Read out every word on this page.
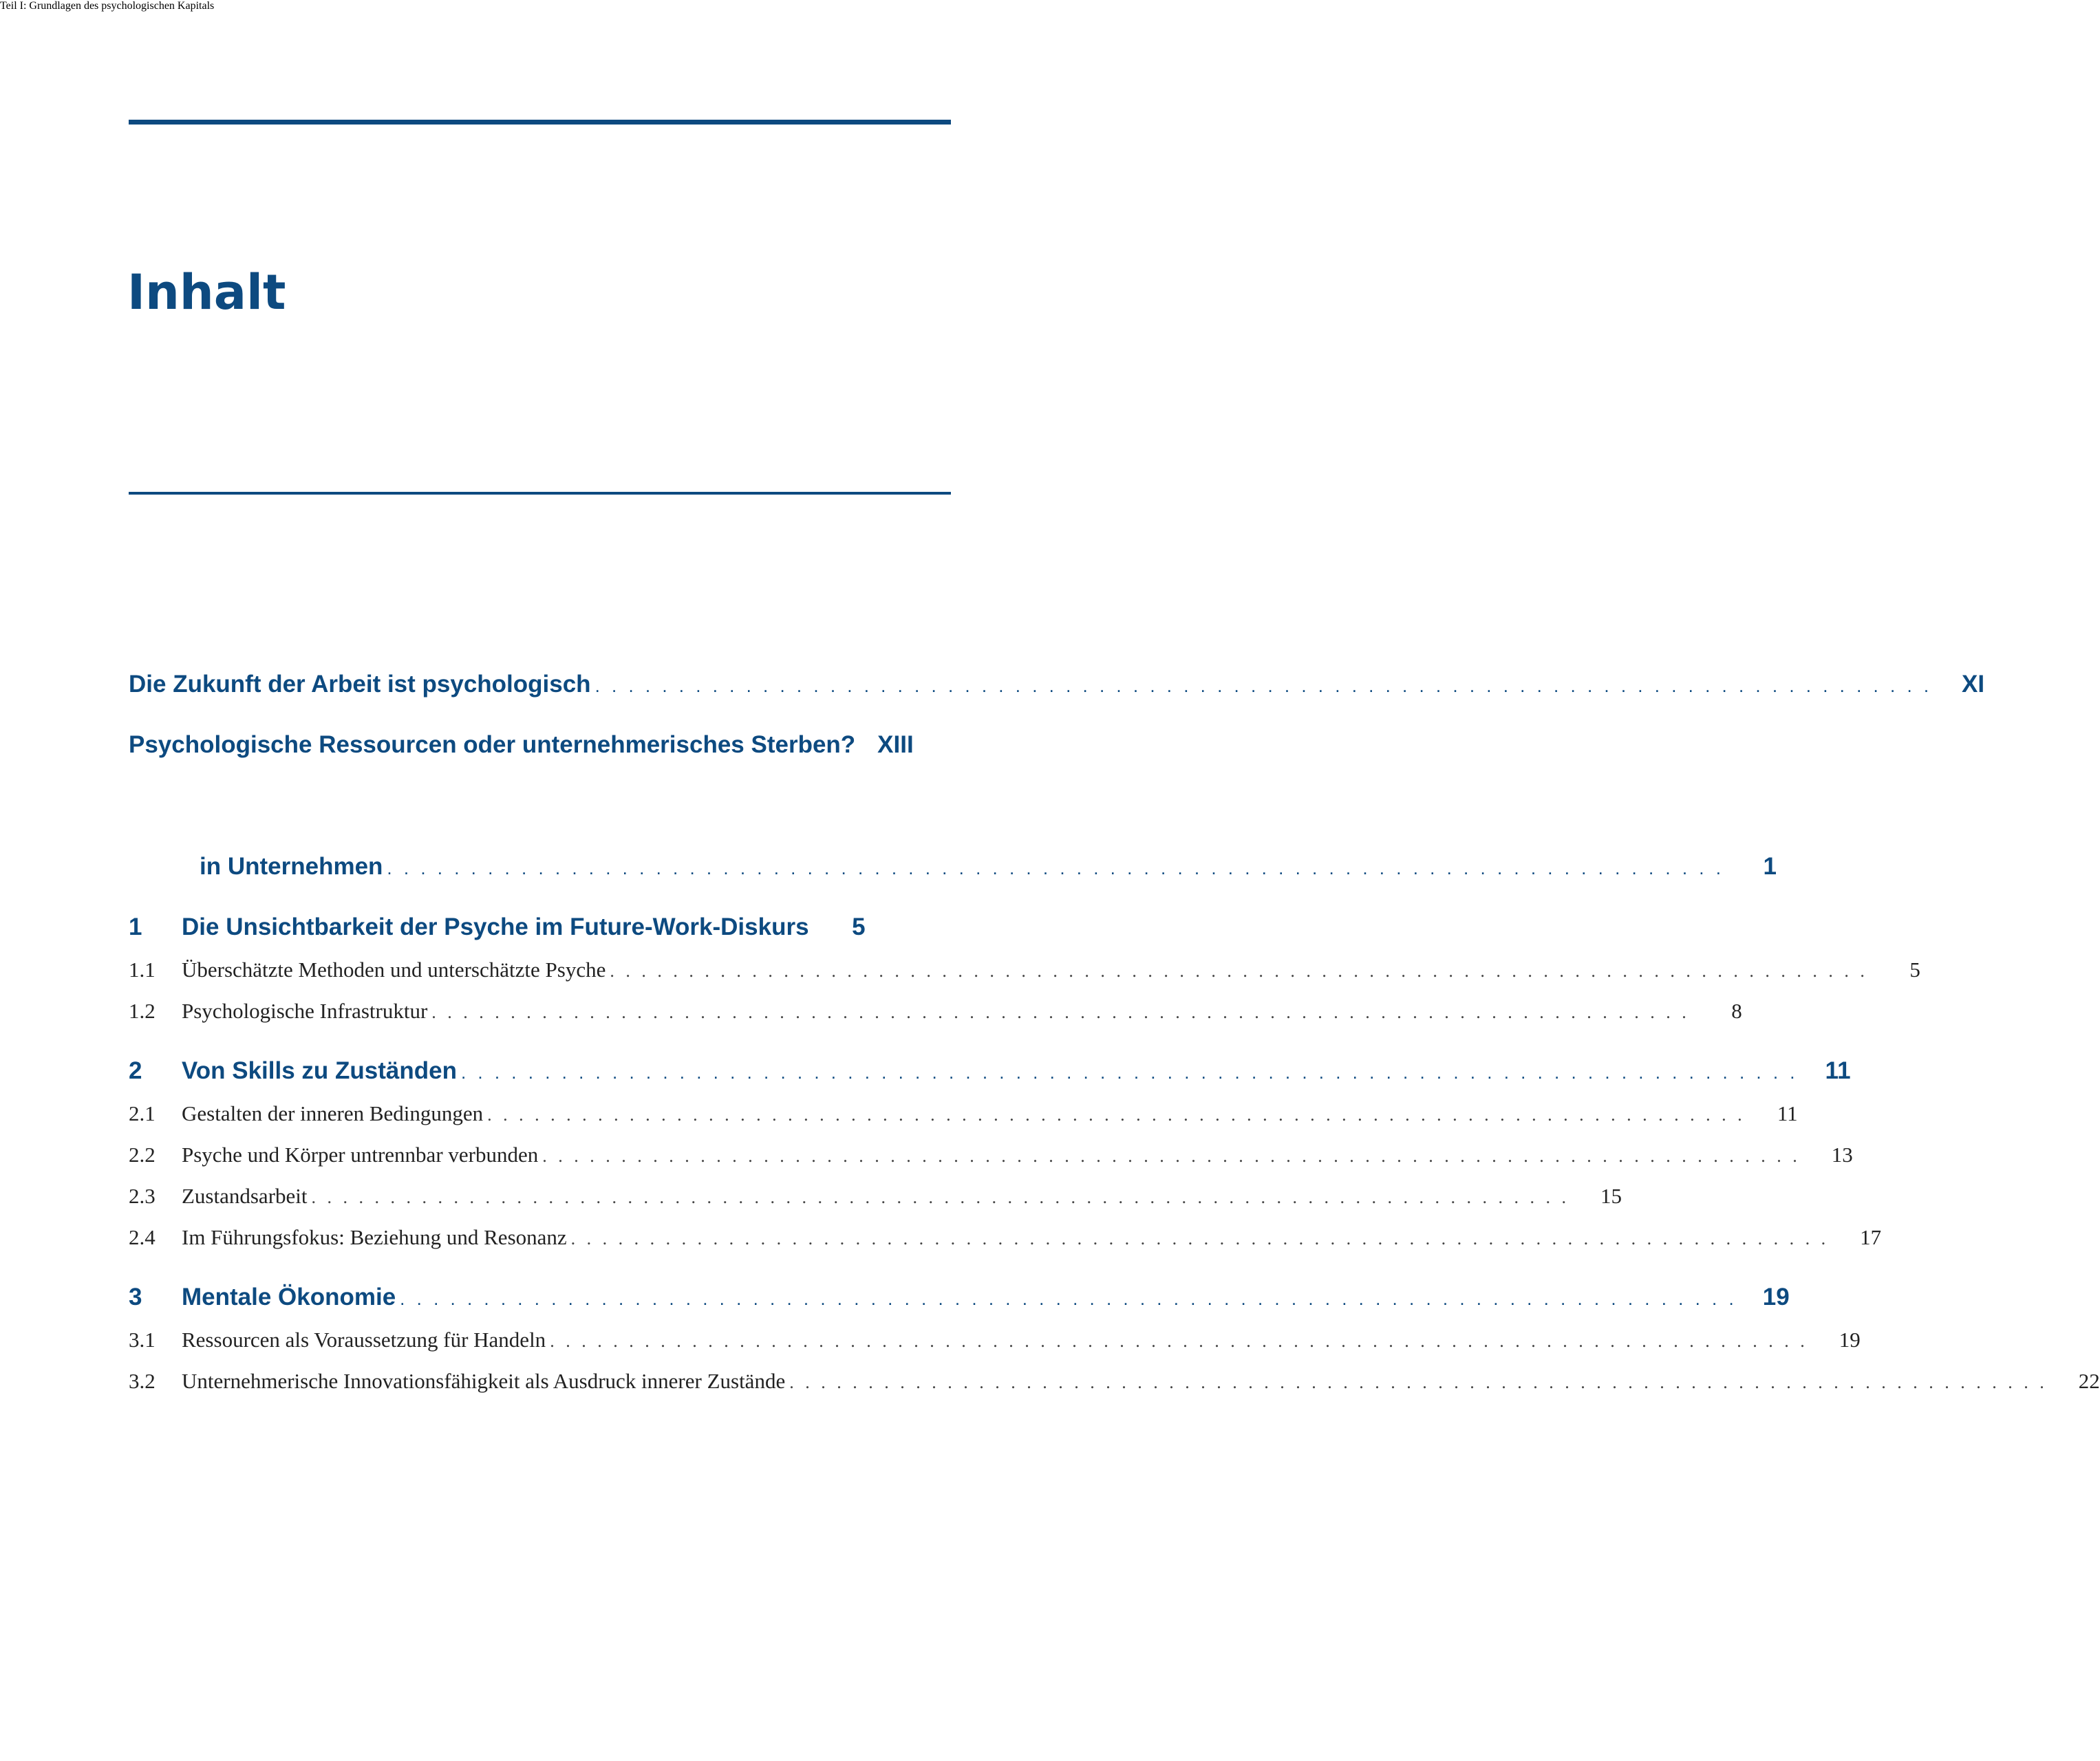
Inhalt
Die Zukunft der Arbeit ist psychologisch . . . . . . . . . . . . . . . . . . . . . . . . . . . . . . . . . . . . . . . . . . . . . . . . . . . . . . . . . . . . . . . . . . . . . . . . . . . . . . . .	XI
Psychologische Ressourcen oder unternehmerisches Sterben? XIII
Teil I: Grundlagen des psychologischen Kapitals
in Unternehmen . . . . . . . . . . . . . . . . . . . . . . . . . . . . . . . . . . . . . . . . . . . . . . . . . . . . . . . . . . . . . . . . . . . . . . . . . . . . . . . .	1
1	Die Unsichtbarkeit der Psyche im Future-Work-Diskurs	5
1.1	Überschätzte Methoden und unterschätzte Psyche . . . . . . . . . . . . . . . . . . . . . . . . . . . . . . . . . . . . . . . . . . . . . . . . . . . . . . . . . . . . . . . . . . . . . . . . . . . . . . . .	5
1.2	Psychologische Infrastruktur . . . . . . . . . . . . . . . . . . . . . . . . . . . . . . . . . . . . . . . . . . . . . . . . . . . . . . . . . . . . . . . . . . . . . . . . . . . . . . . .	8
2	Von Skills zu Zuständen . . . . . . . . . . . . . . . . . . . . . . . . . . . . . . . . . . . . . . . . . . . . . . . . . . . . . . . . . . . . . . . . . . . . . . . . . . . . . . . .	11
2.1	Gestalten der inneren Bedingungen . . . . . . . . . . . . . . . . . . . . . . . . . . . . . . . . . . . . . . . . . . . . . . . . . . . . . . . . . . . . . . . . . . . . . . . . . . . . . . . .	11
2.2	Psyche und Körper untrennbar verbunden . . . . . . . . . . . . . . . . . . . . . . . . . . . . . . . . . . . . . . . . . . . . . . . . . . . . . . . . . . . . . . . . . . . . . . . . . . . . . . . .	13
2.3	Zustandsarbeit . . . . . . . . . . . . . . . . . . . . . . . . . . . . . . . . . . . . . . . . . . . . . . . . . . . . . . . . . . . . . . . . . . . . . . . . . . . . . . . .	15
2.4	Im Führungsfokus: Beziehung und Resonanz . . . . . . . . . . . . . . . . . . . . . . . . . . . . . . . . . . . . . . . . . . . . . . . . . . . . . . . . . . . . . . . . . . . . . . . . . . . . . . . .	17
3	Mentale Ökonomie . . . . . . . . . . . . . . . . . . . . . . . . . . . . . . . . . . . . . . . . . . . . . . . . . . . . . . . . . . . . . . . . . . . . . . . . . . . . . . . .	19
3.1	Ressourcen als Voraussetzung für Handeln . . . . . . . . . . . . . . . . . . . . . . . . . . . . . . . . . . . . . . . . . . . . . . . . . . . . . . . . . . . . . . . . . . . . . . . . . . . . . . . .	19
3.2	Unternehmerische Innovationsfähigkeit als Ausdruck innerer Zustände . . . . . . . . . . . . . . . . . . . . . . . . . . . . . . . . . . . . . . . . . . . . . . . . . . . . . . . . . . . . . . . . . . . . . . . . . . . . . . . .	22
